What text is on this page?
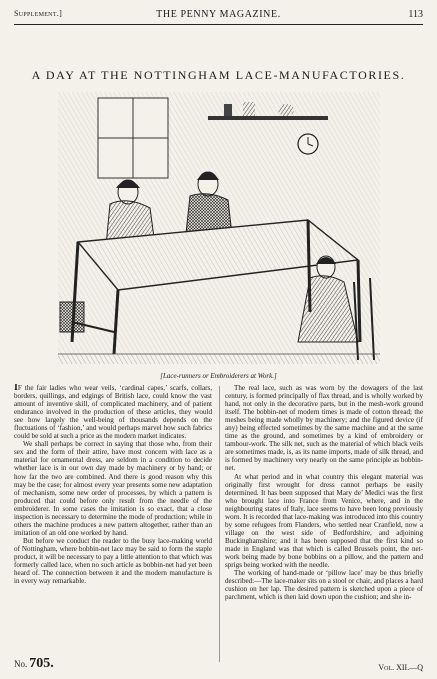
Supplement.]	THE PENNY MAGAZINE.	113
A DAY AT THE NOTTINGHAM LACE-MANUFACTORIES.
[Lace-runners or Embroiderers at Work.]

IF the fair ladies who wear veils, ‘cardinal capes,’ scarfs, collars, borders, quillings, and edgings of British lace, could know the vast amount of inventive skill, of complicated machinery, and of patient endurance involved in the production of these articles, they would see how largely the well-being of thousands depends on the fluctuations of ‘fashion,’ and would perhaps marvel how such fabrics could be sold at such a price as the modern market indicates.

We shall perhaps be correct in saying that those who, from their sex and the form of their attire, have most concern with lace as a material for ornamental dress, are seldom in a condition to decide whether lace is in our own day made by machinery or by hand; or how far the two are combined. And there is good reason why this may be the case; for almost every year presents some new adaptation of mechanism, some new order of processes, by which a pattern is produced that could before only result from the needle of the embroiderer. In some cases the imitation is so exact, that a close inspection is necessary to determine the mode of production; while in others the machine produces a new pattern altogether, rather than an imitation of an old one worked by hand.

But before we conduct the reader to the busy lace-making world of Nottingham, where bobbin-net lace may be said to form the staple product, it will be necessary to pay a little attention to that which was formerly called lace, when no such article as bobbin-net had yet been heard of. The connection between it and the modern manufacture is in every way remarkable.

The real lace, such as was worn by the dowagers of the last century, is formed principally of flax thread, and is wholly worked by hand, not only in the decorative parts, but in the mesh-work ground itself. The bobbin-net of modern times is made of cotton thread; the meshes being made wholly by machinery; and the figured device (if any) being effected sometimes by the same machine and at the same time as the ground, and sometimes by a kind of embroidery or tambour-work. The silk net, such as the material of which black veils are sometimes made, is, as its name imports, made of silk thread, and is formed by machinery very nearly on the same principle as bobbin-net.

At what period and in what country this elegant material was originally first wrought for dress cannot perhaps be easily determined. It has been supposed that Mary de’ Medici was the first who brought lace into France from Venice, where, and in the neighbouring states of Italy, lace seems to have been long previously worn. It is recorded that lace-making was introduced into this country by some refugees from Flanders, who settled near Cranfield, now a village on the west side of Bedfordshire, and adjoining Buckinghamshire; and it has been supposed that the first kind so made in England was that which is called Brussels point, the net-work being made by bone bobbins on a pillow, and the pattern and sprigs being worked with the needle.

The working of hand-made or ‘pillow lace’ may be thus briefly described:—The lace-maker sits on a stool or chair, and places a hard cushion on her lap. The desired pattern is sketched upon a piece of parchment, which is then laid down upon the cushion; and she in-

No. 705.	Vol. XII.—Q
